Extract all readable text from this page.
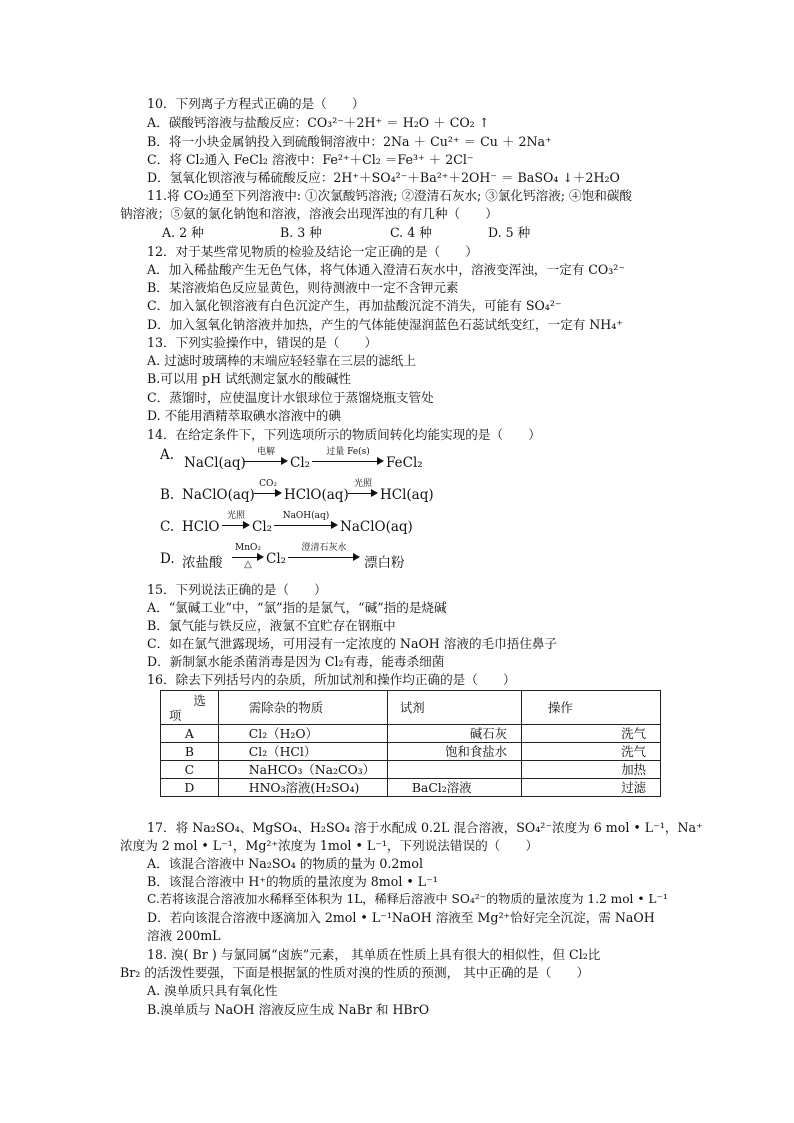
10．下列离子方程式正确的是（　　）
A．碳酸钙溶液与盐酸反应：CO₃²⁻＋2H⁺ ＝ H₂O ＋ CO₂ ↑
B．将一小块金属钠投入到硫酸铜溶液中：2Na ＋ Cu²⁺ ＝ Cu ＋ 2Na⁺
C．将 Cl₂通入 FeCl₂ 溶液中：Fe²⁺＋Cl₂ ＝Fe³⁺ ＋ 2Cl⁻
D．氢氧化钡溶液与稀硫酸反应：2H⁺＋SO₄²⁻＋Ba²⁺＋2OH⁻ ＝ BaSO₄ ↓＋2H₂O
11.将 CO₂通至下列溶液中: ①次氯酸钙溶液; ②澄清石灰水; ③氯化钙溶液; ④饱和碳酸
钠溶液；⑤氨的氯化钠饱和溶液，溶液会出现浑浊的有几种（　　）
A. 2 种	B. 3 种	C. 4 种	D. 5 种
12．对于某些常见物质的检验及结论一定正确的是（　　）
A．加入稀盐酸产生无色气体，将气体通入澄清石灰水中，溶液变浑浊，一定有 CO₃²⁻
B．某溶液焰色反应显黄色，则待测液中一定不含钾元素
C．加入氯化钡溶液有白色沉淀产生，再加盐酸沉淀不消失，可能有 SO₄²⁻
D．加入氢氧化钠溶液并加热，产生的气体能使湿润蓝色石蕊试纸变红，一定有 NH₄⁺
13．下列实验操作中，错误的是（　　）
A. 过滤时玻璃棒的末端应轻轻靠在三层的滤纸上
B.可以用 pH 试纸测定氯水的酸碱性
C．蒸馏时，应使温度计水银球位于蒸馏烧瓶支管处
D. 不能用酒精萃取碘水溶液中的碘
14．在给定条件下，下列选项所示的物质间转化均能实现的是（　　）
A. NaCl(aq)
电解
Cl₂
过量 Fe(s)
FeCl₂
B. NaClO(aq)
CO₂
HClO(aq)
光照
HCl(aq)
C. HClO
光照
Cl₂
NaOH(aq)
NaClO(aq)
D. 浓盐酸
MnO₂
△	Cl₂
澄清石灰水
漂白粉
15．下列说法正确的是（　　）
A．“氯碱工业”中，“氯”指的是氯气，“碱”指的是烧碱
B．氯气能与铁反应，液氯不宜贮存在钢瓶中
C．如在氯气泄露现场，可用浸有一定浓度的 NaOH 溶液的毛巾捂住鼻子
D．新制氯水能杀菌消毒是因为 Cl₂有毒，能毒杀细菌
16．除去下列括号内的杂质，所加试剂和操作均正确的是（　　）
选
项	需除杂的物质	试剂	操作
A	Cl₂（H₂O）	碱石灰	洗气
B	Cl₂（HCl）	饱和食盐水	洗气
C	NaHCO₃（Na₂CO₃）		加热
D	HNO₃溶液(H₂SO₄)	BaCl₂溶液	过滤
17．将 Na₂SO₄、MgSO₄、H₂SO₄ 溶于水配成 0.2L 混合溶液，SO₄²⁻浓度为 6 mol • L⁻¹，Na⁺
浓度为 2 mol • L⁻¹，Mg²⁺浓度为 1mol • L⁻¹，下列说法错误的（　　）
A．该混合溶液中 Na₂SO₄ 的物质的量为 0.2mol
B．该混合溶液中 H⁺的物质的量浓度为 8mol • L⁻¹
C.若将该混合溶液加水稀释至体积为 1L，稀释后溶液中 SO₄²⁻的物质的量浓度为 1.2 mol • L⁻¹
D．若向该混合溶液中逐滴加入 2mol • L⁻¹NaOH 溶液至 Mg²⁺恰好完全沉淀，需 NaOH
溶液 200mL
18. 溴( Br ) 与氯同属“卤族”元素， 其单质在性质上具有很大的相似性，但 Cl₂比
Br₂ 的活泼性要强，下面是根据氯的性质对溴的性质的预测， 其中正确的是（　　）
A. 溴单质只具有氧化性
B.溴单质与 NaOH 溶液反应生成 NaBr 和 HBrO
